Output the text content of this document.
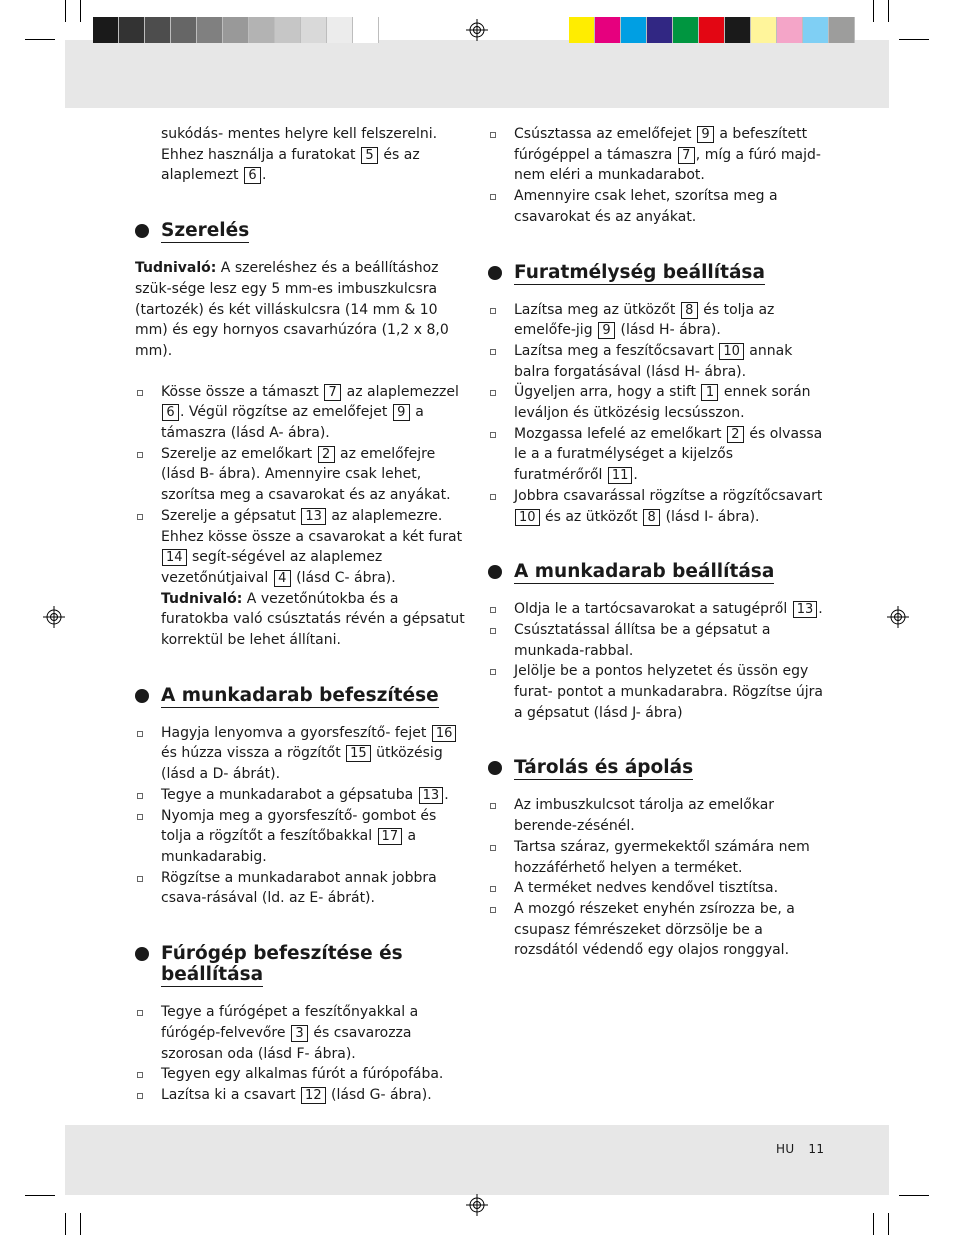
sukódás- mentes helyre kell felszerelni. Ehhez használja a furatokat 5 és az alaplemezt 6 .

Szerelés

Tudnivaló: A szereléshez és a beállításhoz szük-sége lesz egy 5 mm-es imbuszkulcsra (tartozék) és két villáskulcsra (14 mm & 10 mm) és egy hornyos csavarhúzóra (1,2 x 8,0 mm).

Kösse össze a támaszt 7 az alaplemezzel 6 . Végül rögzítse az emelőfejet 9 a támaszra (lásd A- ábra).
Szerelje az emelőkart 2 az emelőfejre (lásd B- ábra). Amennyire csak lehet, szorítsa meg a csavarokat és az anyákat.
Szerelje a gépsatut 13 az alaplemezre. Ehhez kösse össze a csavarokat a két furat 14 segít-ségével az alaplemez vezetőnútjaival 4 (lásd C- ábra).
Tudnivaló: A vezetőnútokba és a furatokba való csúsztatás révén a gépsatut korrektül be lehet állítani.
A munkadarab befeszítése
Hagyja lenyomva a gyorsfeszítő- fejet 16 és húzza vissza a rögzítőt 15 ütközésig (lásd a D- ábrát).
Tegye a munkadarabot a gépsatuba 13 .
Nyomja meg a gyorsfeszítő- gombot és tolja a rögzítőt a feszítőbakkal 17 a munkadarabig.
Rögzítse a munkadarabot annak jobbra csava-rásával (ld. az E- ábrát).
Fúrógép befeszítése és
beállítása
Tegye a fúrógépet a feszítőnyakkal a fúrógép-felvevőre 3 és csavarozza szorosan oda (lásd F- ábra).
Tegyen egy alkalmas fúrót a fúrópofába.
Lazítsa ki a csavart 12 (lásd G- ábra).
Csúsztassa az emelőfejet 9 a befeszített fúrógéppel a támaszra 7 , míg a fúró majd-nem eléri a munkadarabot.
Amennyire csak lehet, szorítsa meg a csavarokat és az anyákat.
Furatmélység beállítása
Lazítsa meg az ütközőt 8 és tolja az emelőfe-jig 9 (lásd H- ábra).
Lazítsa meg a feszítőcsavart 10 annak balra forgatásával (lásd H- ábra).
Ügyeljen arra, hogy a stift 1 ennek során leváljon és ütközésig lecsússzon.
Mozgassa lefelé az emelőkart 2 és olvassa le a a furatmélységet a kijelzős furatmérőről 11 .
Jobbra csavarással rögzítse a rögzítőcsavart 10 és az ütközőt 8 (lásd I- ábra).
A munkadarab beállítása
Oldja le a tartócsavarokat a satugépről 13 .
Csúsztatással állítsa be a gépsatut a munkada-rabbal.
Jelölje be a pontos helyzetet és üssön egy furat- pontot a munkadarabra. Rögzítse újra a gépsatut (lásd J- ábra)
Tárolás és ápolás
Az imbuszkulcsot tárolja az emelőkar berende-zésénél.
Tartsa száraz, gyermekektől számára nem hozzáférhető helyen a terméket.
A terméket nedves kendővel tisztítsa.
A mozgó részeket enyhén zsírozza be, a csupasz fémrészeket dörzsölje be a rozsdától védendő egy olajos ronggyal.
HU 11
